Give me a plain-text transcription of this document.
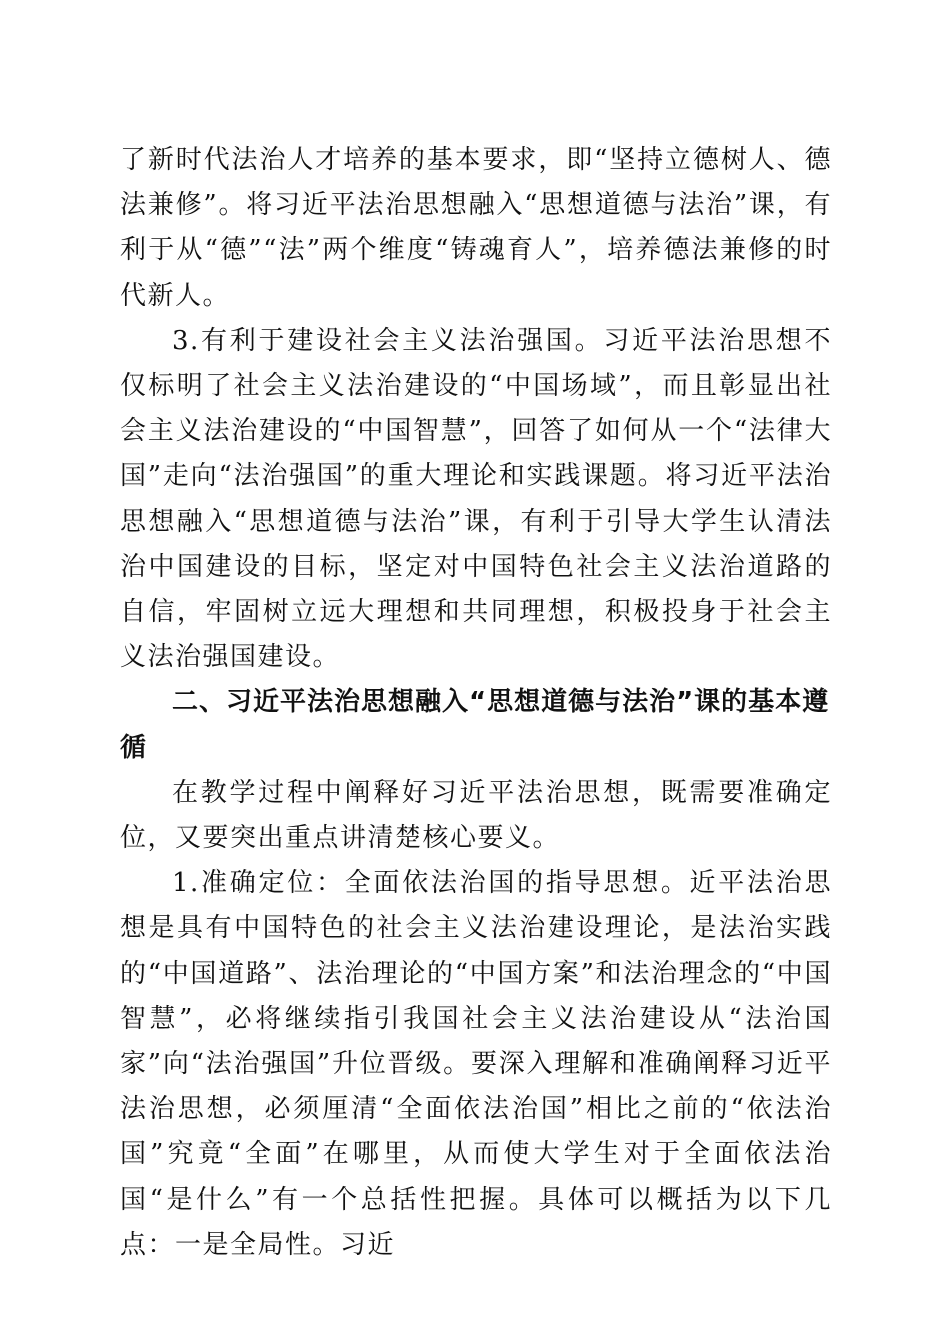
了新时代法治人才培养的基本要求，即“坚持立德树人、德法兼修”。将习近平法治思想融入“思想道德与法治”课，有利于从“德”“法”两个维度“铸魂育人”，培养德法兼修的时代新人。

3.有利于建设社会主义法治强国。习近平法治思想不仅标明了社会主义法治建设的“中国场域”，而且彰显出社会主义法治建设的“中国智慧”，回答了如何从一个“法律大国”走向“法治强国”的重大理论和实践课题。将习近平法治思想融入“思想道德与法治”课，有利于引导大学生认清法治中国建设的目标，坚定对中国特色社会主义法治道路的自信，牢固树立远大理想和共同理想，积极投身于社会主义法治强国建设。

二、习近平法治思想融入“思想道德与法治”课的基本遵循

在教学过程中阐释好习近平法治思想，既需要准确定位，又要突出重点讲清楚核心要义。

1.准确定位：全面依法治国的指导思想。近平法治思想是具有中国特色的社会主义法治建设理论，是法治实践的“中国道路”、法治理论的“中国方案”和法治理念的“中国智慧”，必将继续指引我国社会主义法治建设从“法治国家”向“法治强国”升位晋级。要深入理解和准确阐释习近平法治思想，必须厘清“全面依法治国”相比之前的“依法治国”究竟“全面”在哪里，从而使大学生对于全面依法治国“是什么”有一个总括性把握。具体可以概括为以下几点：一是全局性。习近
